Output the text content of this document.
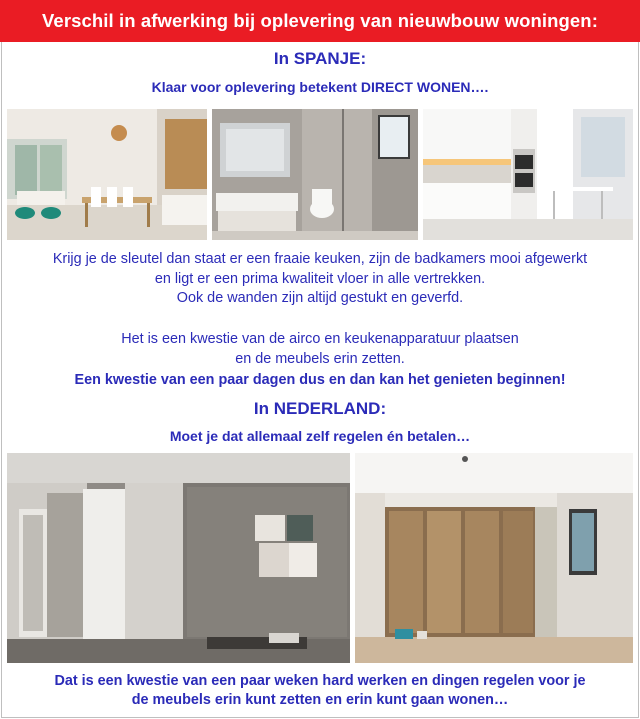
Verschil in afwerking bij oplevering van nieuwbouw woningen:
In SPANJE:
Klaar voor oplevering betekent DIRECT WONEN….
Krijg je de sleutel dan staat er een fraaie keuken, zijn de badkamers mooi afgewerkt
en ligt er een prima kwaliteit vloer in alle vertrekken.
Ook de wanden zijn altijd gestukt en geverfd.
Het is een kwestie van de airco en keukenapparatuur plaatsen
en de meubels erin zetten.
Een kwestie van een paar dagen dus en dan kan het genieten beginnen!
In NEDERLAND:
Moet je dat allemaal zelf regelen én betalen…
Dat is een kwestie van een paar weken hard werken en dingen regelen voor je
de meubels erin kunt zetten en erin kunt gaan wonen…
